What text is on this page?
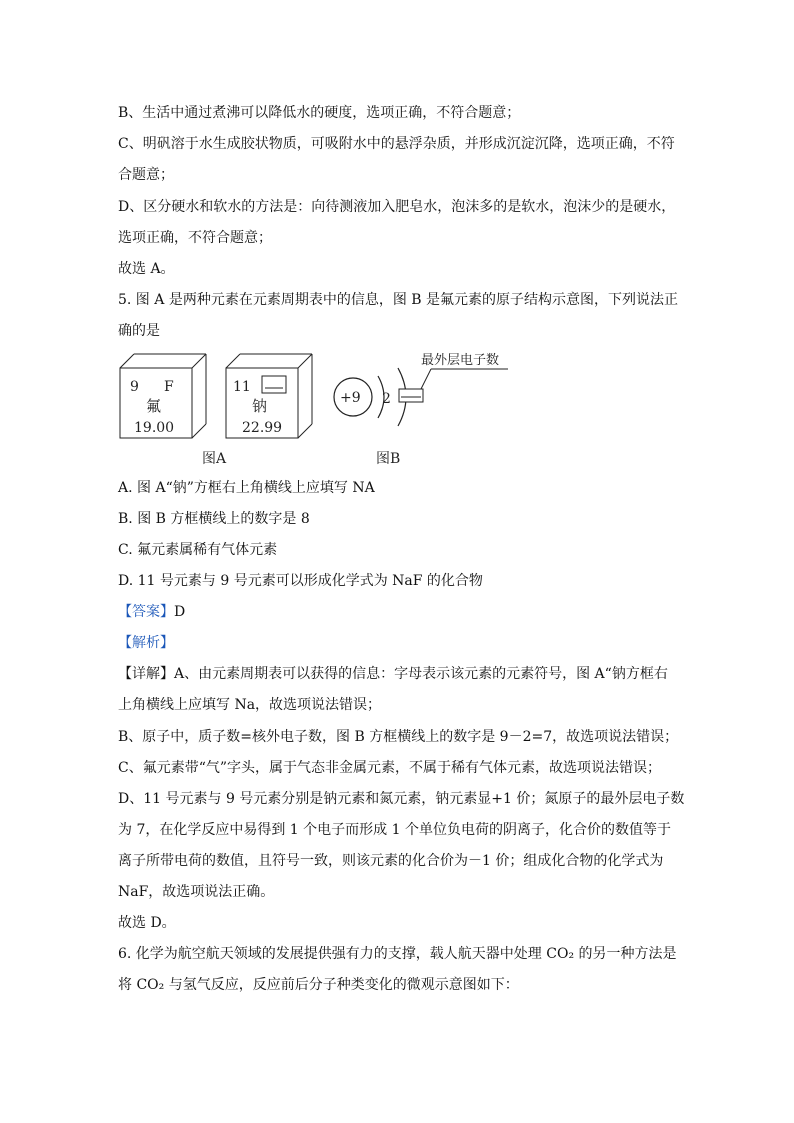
B、生活中通过煮沸可以降低水的硬度，选项正确，不符合题意；
C、明矾溶于水生成胶状物质，可吸附水中的悬浮杂质，并形成沉淀沉降，选项正确，不符
合题意；
D、区分硬水和软水的方法是：向待测液加入肥皂水，泡沫多的是软水，泡沫少的是硬水，
选项正确，不符合题意；
故选 A。
5. 图 A 是两种元素在元素周期表中的信息，图 B 是氟元素的原子结构示意图，下列说法正
确的是
9 F
氟
19.00
11
钠
22.99
图A
+9 2
最外层电子数
图B
A. 图 A“钠”方框右上角横线上应填写 NA
B. 图 B 方框横线上的数字是 8
C. 氟元素属稀有气体元素
D. 11 号元素与 9 号元素可以形成化学式为 NaF 的化合物
【答案】D
【解析】
【详解】A、由元素周期表可以获得的信息：字母表示该元素的元素符号，图 A“钠方框右
上角横线上应填写 Na，故选项说法错误；
B、原子中，质子数=核外电子数，图 B 方框横线上的数字是 9－2=7，故选项说法错误；
C、氟元素带“气”字头，属于气态非金属元素，不属于稀有气体元素，故选项说法错误；
D、11 号元素与 9 号元素分别是钠元素和氮元素，钠元素显+1 价；氮原子的最外层电子数
为 7，在化学反应中易得到 1 个电子而形成 1 个单位负电荷的阴离子，化合价的数值等于
离子所带电荷的数值，且符号一致，则该元素的化合价为－1 价；组成化合物的化学式为
NaF，故选项说法正确。
故选 D。
6. 化学为航空航天领域的发展提供强有力的支撑，载人航天器中处理 CO₂ 的另一种方法是
将 CO₂ 与氢气反应，反应前后分子种类变化的微观示意图如下：
